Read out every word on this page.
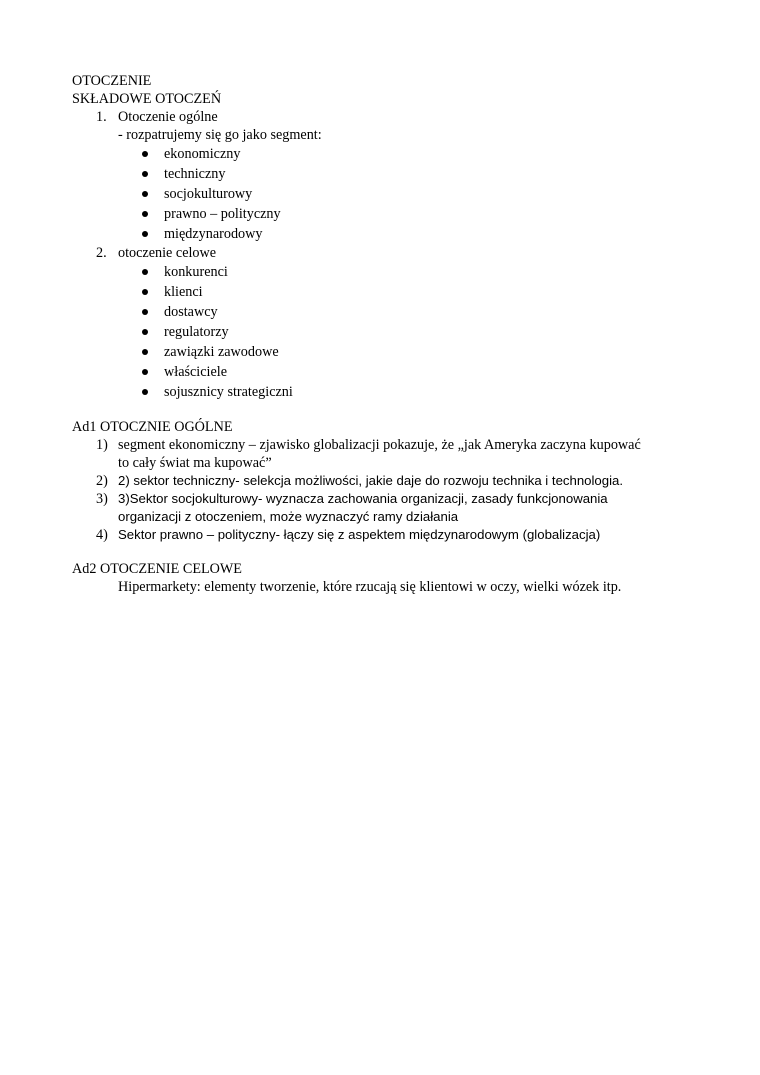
OTOCZENIE
SKŁADOWE OTOCZEŃ
1. Otoczenie ogólne
- rozpatrujemy się go jako segment:
ekonomiczny
techniczny
socjokulturowy
prawno – polityczny
międzynarodowy
2. otoczenie celowe
konkurenci
klienci
dostawcy
regulatorzy
zawiązki zawodowe
właściciele
sojusznicy strategiczni
Ad1 OTOCZNIE OGÓLNE
1) segment ekonomiczny – zjawisko globalizacji pokazuje, że „jak Ameryka zaczyna kupować
to cały świat ma kupować”
2) 2) sektor techniczny- selekcja możliwości, jakie daje do rozwoju technika i technologia.
3) 3)Sektor socjokulturowy- wyznacza zachowania organizacji, zasady funkcjonowania
organizacji z otoczeniem, może wyznaczyć ramy działania
4) Sektor prawno – polityczny- łączy się z aspektem międzynarodowym (globalizacja)
Ad2 OTOCZENIE CELOWE
Hipermarkety: elementy tworzenie, które rzucają się klientowi w oczy, wielki wózek itp.
